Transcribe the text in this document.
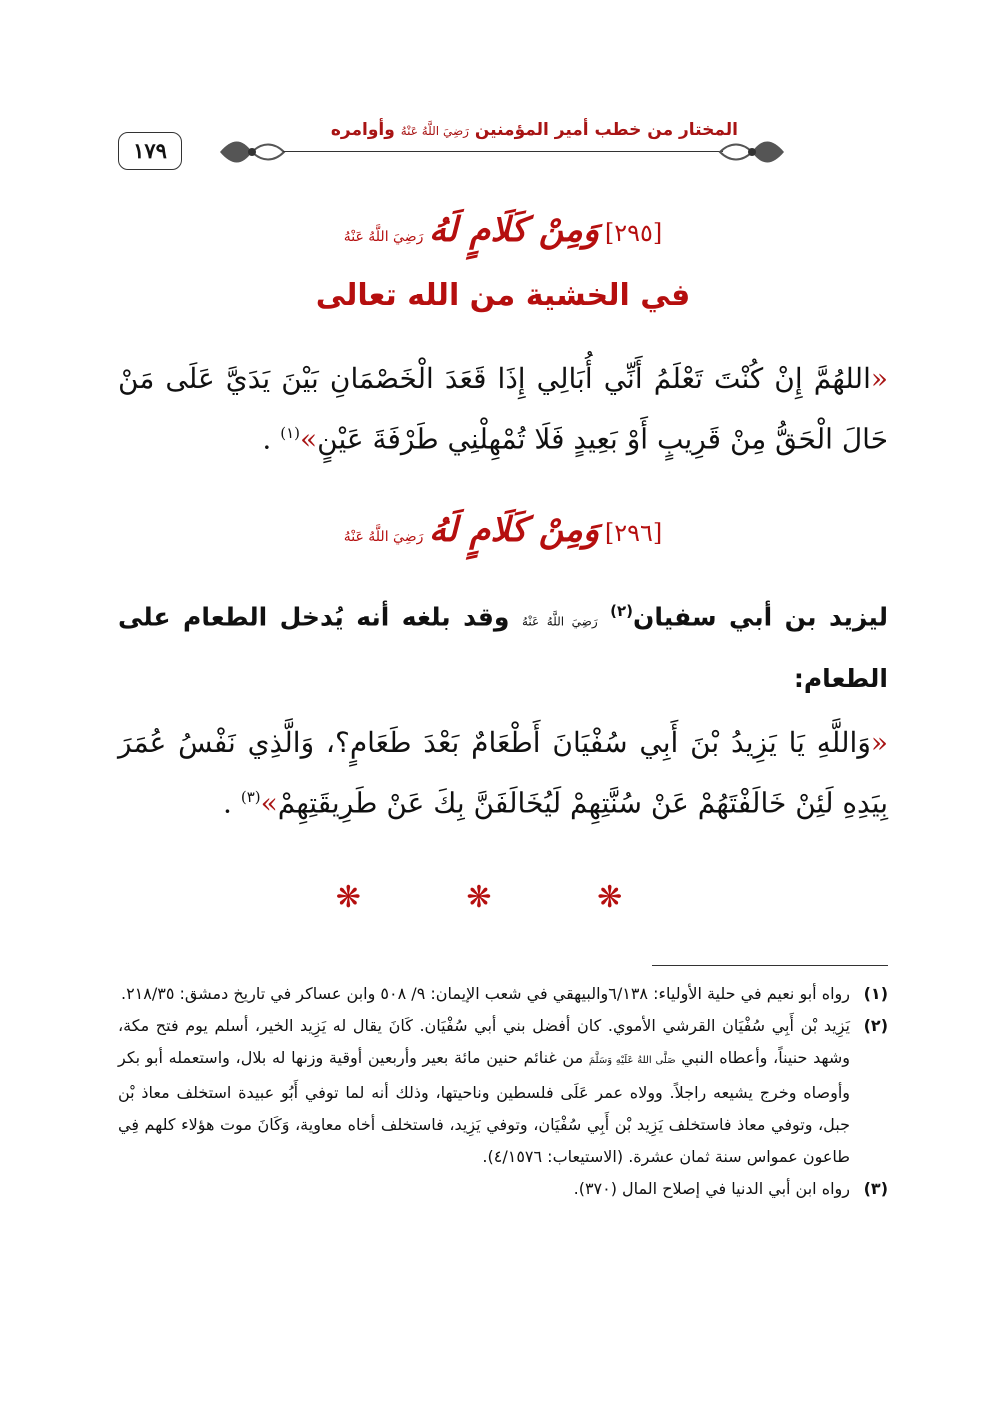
١٧٩
المختار من خطب أمير المؤمنين رَضِيَ اللَّهُ عَنْهُ وأوامره
[٢٩٥] وَمِنْ كَلَامٍ لَهُ رَضِيَ اللَّهُ عَنْهُ
في الخشية من الله تعالى
«اللهُمَّ إِنْ كُنْتَ تَعْلَمُ أَنِّي أُبَالِي إِذَا قَعَدَ الْخَصْمَانِ بَيْنَ يَدَيَّ عَلَى مَنْ حَالَ الْحَقُّ مِنْ قَرِيبٍ أَوْ بَعِيدٍ فَلَا تُمْهِلْنِي طَرْفَةَ عَيْنٍ»$^{(١)}$ .
[٢٩٦] وَمِنْ كَلَامٍ لَهُ رَضِيَ اللَّهُ عَنْهُ
ليزيد بن أبي سفيان$^{(٢)}$ رَضِيَ اللَّهُ عَنْهُ وقد بلغه أنه يُدخل الطعام على الطعام:
«وَاللَّهِ يَا يَزِيدُ بْنَ أَبِي سُفْيَانَ أَطْعَامٌ بَعْدَ طَعَامٍ؟، وَالَّذِي نَفْسُ عُمَرَ بِيَدِهِ لَئِنْ خَالَفْتَهُمْ عَنْ سُنَّتِهِمْ لَيُخَالَفَنَّ بِكَ عَنْ طَرِيقَتِهِمْ»$^{(٣)}$ .
❋ ❋ ❋
(١)
رواه أبو نعيم في حلية الأولياء: ٦/١٣٨والبيهقي في شعب الإيمان: ٩/ ٥٠٨ وابن عساكر في تاريخ دمشق: ٢١٨/٣٥.
(٢)
يَزِيد بْن أَبِي سُفْيَان القرشي الأموي. كان أفضل بني أبي سُفْيَان. كَانَ يقال له يَزِيد الخير، أسلم يوم فتح مكة، وشهد حنيناً، وأعطاه النبي صَلَّى اللهُ عَلَيْهِ وَسَلَّمَ من غنائم حنين مائة بعير وأربعين أوقية وزنها له بلال، واستعمله أبو بكر وأوصاه وخرج يشيعه راجلاً. وولاه عمر عَلَى فلسطين وناحيتها، وذلك أنه لما توفي أَبُو عبيدة استخلف معاذ بْن جبل، وتوفي معاذ فاستخلف يَزِيد بْن أَبِي سُفْيَان، وتوفي يَزِيد، فاستخلف أخاه معاوية، وَكَانَ موت هؤلاء كلهم فِي طاعون عمواس سنة ثمان عشرة. (الاستيعاب: ٤/١٥٧٦).
(٣)
رواه ابن أبي الدنيا في إصلاح المال (٣٧٠).
